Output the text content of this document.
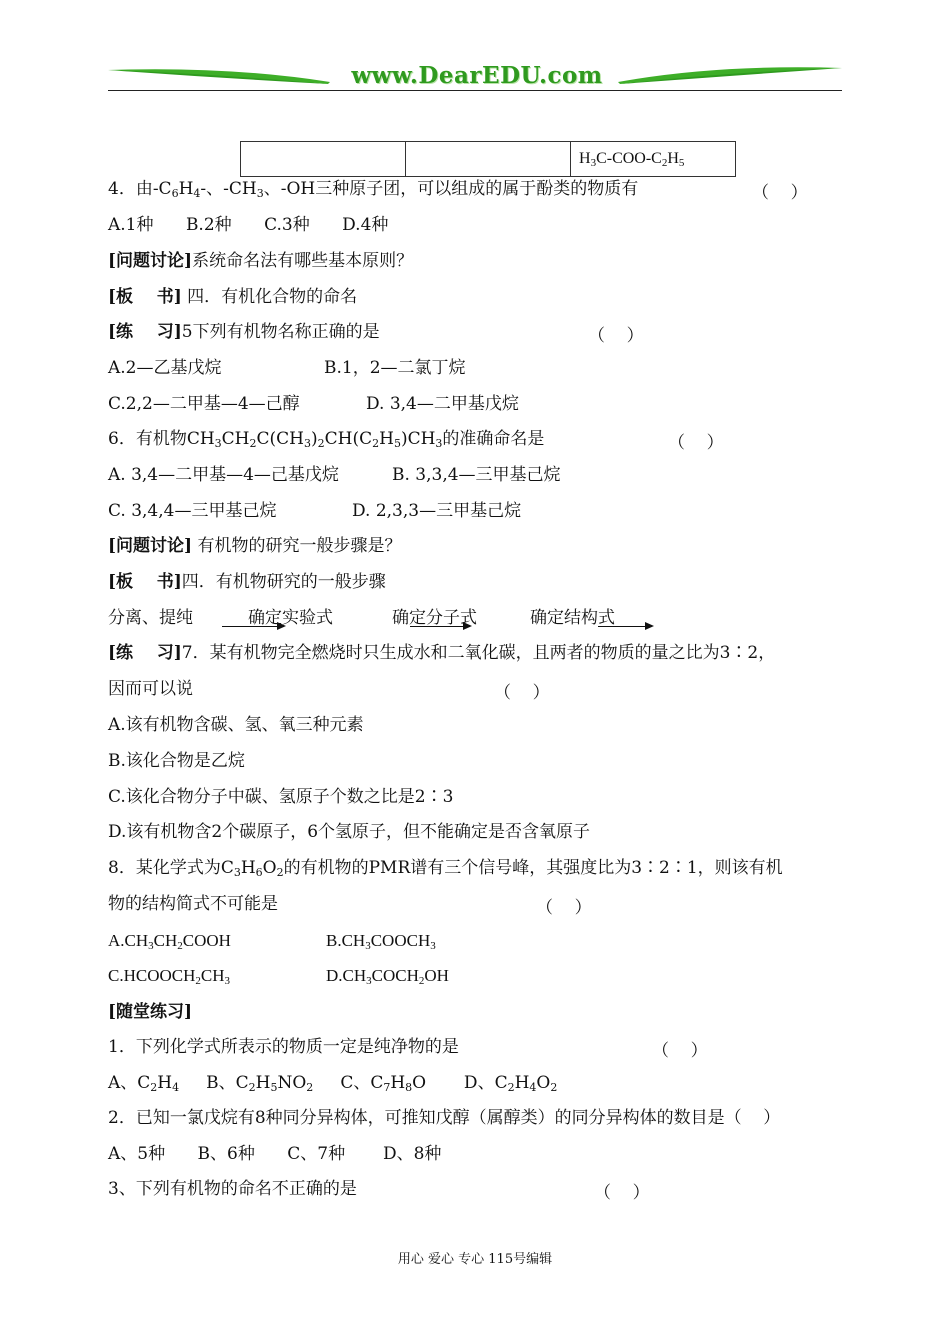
www.DearEDU.com
		$H_3C-COO-C_2H_5$
4．由$-C_6H_4-$、$-CH_3$、-OH三种原子团，可以组成的属于酚类的物质有	（    ）
A.1种 B.2种 C.3种 D.4种
[问题讨论]系统命名法有哪些基本原则？
[板    书] 四．有机化合物的命名
[练    习]5下列有机物名称正确的是	（    ）
A.2—乙基戊烷	B.1，2—二氯丁烷
C.2,2—二甲基—4—己醇	D. 3,4—二甲基戊烷
6．有机物$CH_3CH_2C(CH_3)_2CH(C_2H_5)CH_3$的准确命名是	（    ）
A. 3,4—二甲基—4—己基戊烷	B. 3,3,4—三甲基己烷
C. 3,4,4—三甲基己烷	D. 2,3,3—三甲基己烷
[问题讨论] 有机物的研究一般步骤是？
[板    书]四．有机物研究的一般步骤
分离、提纯	确定实验式	确定分子式	确定结构式
[练    习]7．某有机物完全燃烧时只生成水和二氧化碳，且两者的物质的量之比为3∶2，
因而可以说	（    ）
A.该有机物含碳、氢、氧三种元素
B.该化合物是乙烷
C.该化合物分子中碳、氢原子个数之比是2∶3
D.该有机物含2个碳原子，6个氢原子，但不能确定是否含氧原子
8．某化学式为$C_3H_6O_2$的有机物的PMR谱有三个信号峰，其强度比为3∶2∶1，则该有机
物的结构简式不可能是	（    ）
$A.CH_3CH_2COOH$	$B.CH_3COOCH_3$
$C.HCOOCH_2CH_3$	$D.CH_3COCH_2OH$
[随堂练习]
1．下列化学式所表示的物质一定是纯净物的是	（    ）
A、$C_2H_4$     B、$C_2H_5NO_2$     C、$C_7H_8O$       D、$C_2H_4O_2$
2．已知一氯戊烷有8种同分异构体，可推知戊醇（属醇类）的同分异构体的数目是（    ）
A、5种 B、6种 C、7种 D、8种
3、下列有机物的命名不正确的是	（    ）
用心 爱心 专心 115号编辑
